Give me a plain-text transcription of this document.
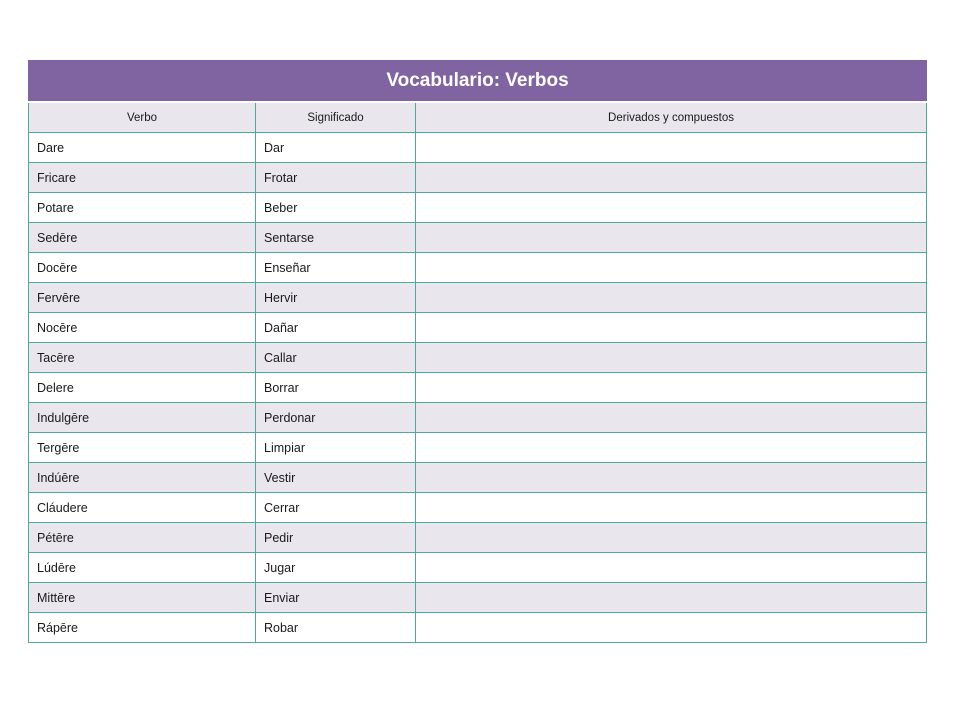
Vocabulario: Verbos		
Verbo	Significado	Derivados y compuestos
Dare	Dar	
Fricare	Frotar	
Potare	Beber	
Sedēre	Sentarse	
Docēre	Enseñar	
Fervēre	Hervir	
Nocēre	Dañar	
Tacēre	Callar	
Delere	Borrar	
Indulgēre	Perdonar	
Tergēre	Limpiar	
Indúēre	Vestir	
Cláudere	Cerrar	
Pétēre	Pedir	
Lúdēre	Jugar	
Mittēre	Enviar	
Rápēre	Robar	
